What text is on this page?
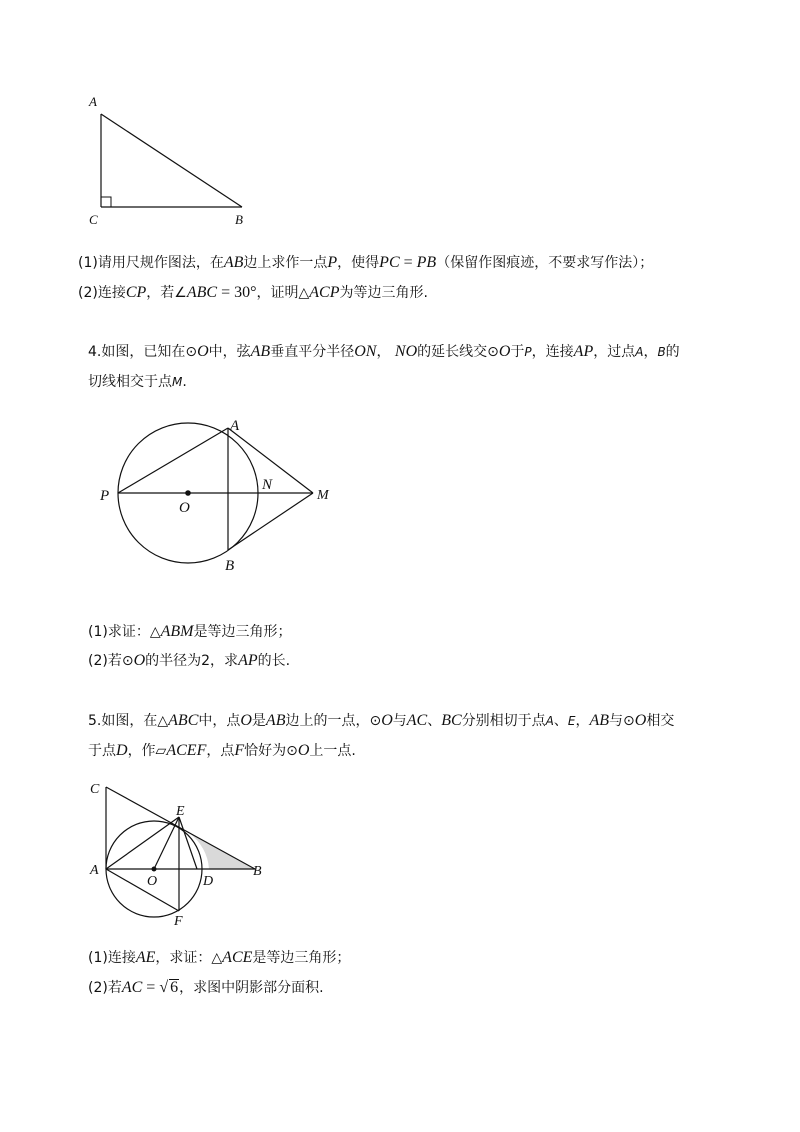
A
C	B
(1)请用尺规作图法，在AB边上求作一点P，使得PC = PB（保留作图痕迹，不要求写作法）；
(2)连接CP，若∠ABC = 30°，证明△ACP为等边三角形.
4.如图，已知在⊙O中，弦AB垂直平分半径ON， NO的延长线交⊙O于P，连接AP，过点A，B的
切线相交于点M.
A
P
O
N
M
B
(1)求证：△ABM是等边三角形；
(2)若⊙O的半径为2，求AP的长.
5.如图，在△ABC中，点O是AB边上的一点，⊙O与AC、BC分别相切于点A、E，AB与⊙O相交
于点D，作▱ACEF，点F恰好为⊙O上一点.
C
E
A
O	D
B
F
(1)连接AE，求证：△ACE是等边三角形；
(2)若AC = √ 6，求图中阴影部分面积.
